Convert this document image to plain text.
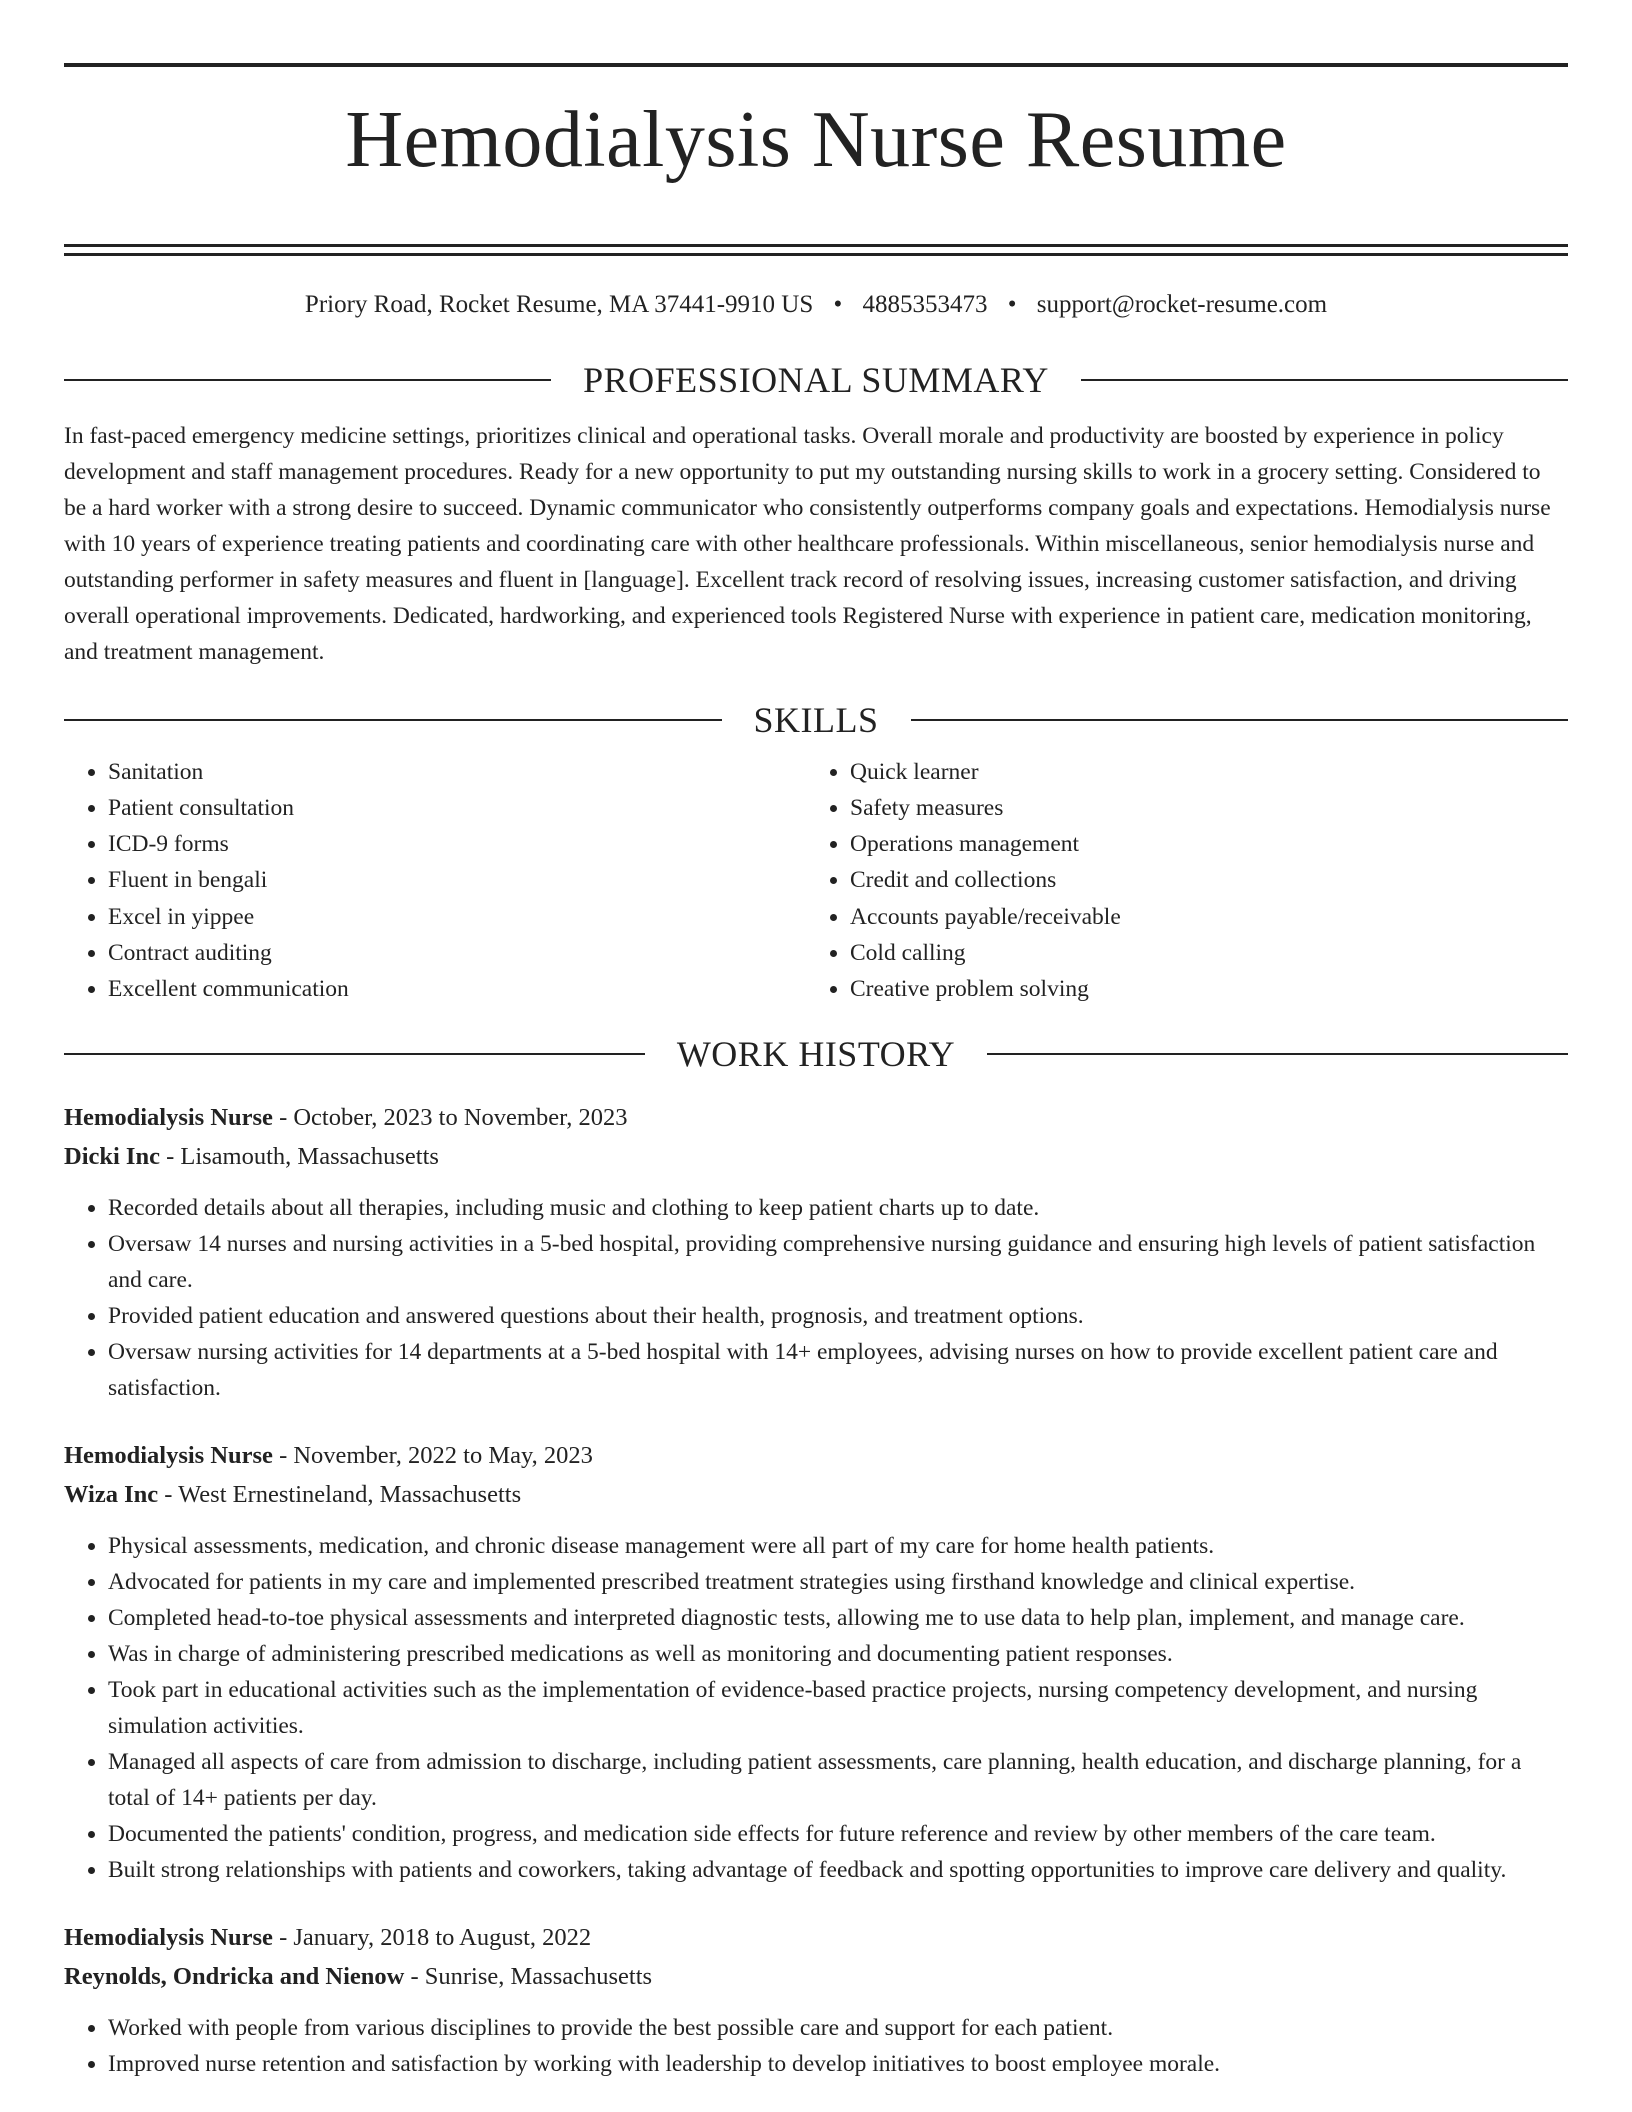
Hemodialysis Nurse Resume
Priory Road, Rocket Resume, MA 37441-9910 US • 4885353473 • support@rocket-resume.com
PROFESSIONAL SUMMARY

In fast-paced emergency medicine settings, prioritizes clinical and operational tasks. Overall morale and productivity are boosted by experience in policy development and staff management procedures. Ready for a new opportunity to put my outstanding nursing skills to work in a grocery setting. Considered to be a hard worker with a strong desire to succeed. Dynamic communicator who consistently outperforms company goals and expectations. Hemodialysis nurse with 10 years of experience treating patients and coordinating care with other healthcare professionals. Within miscellaneous, senior hemodialysis nurse and outstanding performer in safety measures and fluent in [language]. Excellent track record of resolving issues, increasing customer satisfaction, and driving overall operational improvements. Dedicated, hardworking, and experienced tools Registered Nurse with experience in patient care, medication monitoring, and treatment management.

SKILLS
• Sanitation
• Patient consultation
• ICD-9 forms
• Fluent in bengali
• Excel in yippee
• Contract auditing
• Excellent communication
• Quick learner
• Safety measures
• Operations management
• Credit and collections
• Accounts payable/receivable
• Cold calling
• Creative problem solving
WORK HISTORY
Hemodialysis Nurse - October, 2023 to November, 2023
Dicki Inc - Lisamouth, Massachusetts
• Recorded details about all therapies, including music and clothing to keep patient charts up to date.
• Oversaw 14 nurses and nursing activities in a 5-bed hospital, providing comprehensive nursing guidance and ensuring high levels of patient satisfaction and care.
• Provided patient education and answered questions about their health, prognosis, and treatment options.
• Oversaw nursing activities for 14 departments at a 5-bed hospital with 14+ employees, advising nurses on how to provide excellent patient care and satisfaction.
Hemodialysis Nurse - November, 2022 to May, 2023
Wiza Inc - West Ernestineland, Massachusetts
• Physical assessments, medication, and chronic disease management were all part of my care for home health patients.
• Advocated for patients in my care and implemented prescribed treatment strategies using firsthand knowledge and clinical expertise.
• Completed head-to-toe physical assessments and interpreted diagnostic tests, allowing me to use data to help plan, implement, and manage care.
• Was in charge of administering prescribed medications as well as monitoring and documenting patient responses.
• Took part in educational activities such as the implementation of evidence-based practice projects, nursing competency development, and nursing simulation activities.
• Managed all aspects of care from admission to discharge, including patient assessments, care planning, health education, and discharge planning, for a total of 14+ patients per day.
• Documented the patients' condition, progress, and medication side effects for future reference and review by other members of the care team.
• Built strong relationships with patients and coworkers, taking advantage of feedback and spotting opportunities to improve care delivery and quality.
Hemodialysis Nurse - January, 2018 to August, 2022
Reynolds, Ondricka and Nienow - Sunrise, Massachusetts
• Worked with people from various disciplines to provide the best possible care and support for each patient.
• Improved nurse retention and satisfaction by working with leadership to develop initiatives to boost employee morale.
